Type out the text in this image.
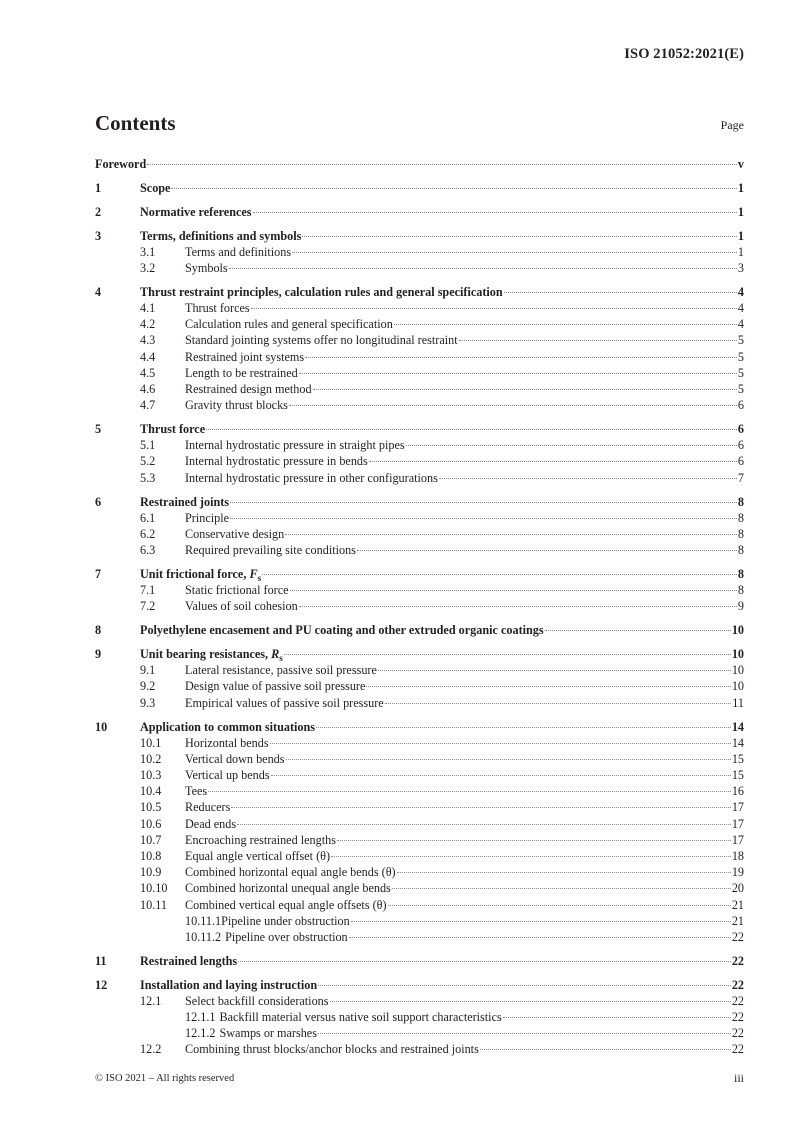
ISO 21052:2021(E)
Contents	Page
Foreword	v
1	Scope	1
2	Normative references	1
3	Terms, definitions and symbols	1
3.1	Terms and definitions	1
3.2	Symbols	3
4	Thrust restraint principles, calculation rules and general specification	4
4.1	Thrust forces	4
4.2	Calculation rules and general specification	4
4.3	Standard jointing systems offer no longitudinal restraint	5
4.4	Restrained joint systems	5
4.5	Length to be restrained	5
4.6	Restrained design method	5
4.7	Gravity thrust blocks	6
5	Thrust force	6
5.1	Internal hydrostatic pressure in straight pipes	6
5.2	Internal hydrostatic pressure in bends	6
5.3	Internal hydrostatic pressure in other configurations	7
6	Restrained joints	8
6.1	Principle	8
6.2	Conservative design	8
6.3	Required prevailing site conditions	8
7	Unit frictional force, $F_s$	8
7.1	Static frictional force	8
7.2	Values of soil cohesion	9
8	Polyethylene encasement and PU coating and other extruded organic coatings	10
9	Unit bearing resistances, $R_s$	10
9.1	Lateral resistance, passive soil pressure	10
9.2	Design value of passive soil pressure	10
9.3	Empirical values of passive soil pressure	11
10	Application to common situations	14
10.1	Horizontal bends	14
10.2	Vertical down bends	15
10.3	Vertical up bends	15
10.4	Tees	16
10.5	Reducers	17
10.6	Dead ends	17
10.7	Encroaching restrained lengths	17
10.8	Equal angle vertical offset (θ)	18
10.9	Combined horizontal equal angle bends (θ)	19
10.10	Combined horizontal unequal angle bends	20
10.11	Combined vertical equal angle offsets (θ)	21
10.11.1 Pipeline under obstruction	21
10.11.2 Pipeline over obstruction	22
11	Restrained lengths	22
12	Installation and laying instruction	22
12.1	Select backfill considerations	22
12.1.1 Backfill material versus native soil support characteristics	22
12.1.2 Swamps or marshes	22
12.2	Combining thrust blocks/anchor blocks and restrained joints	22
© ISO 2021 – All rights reserved	iii
